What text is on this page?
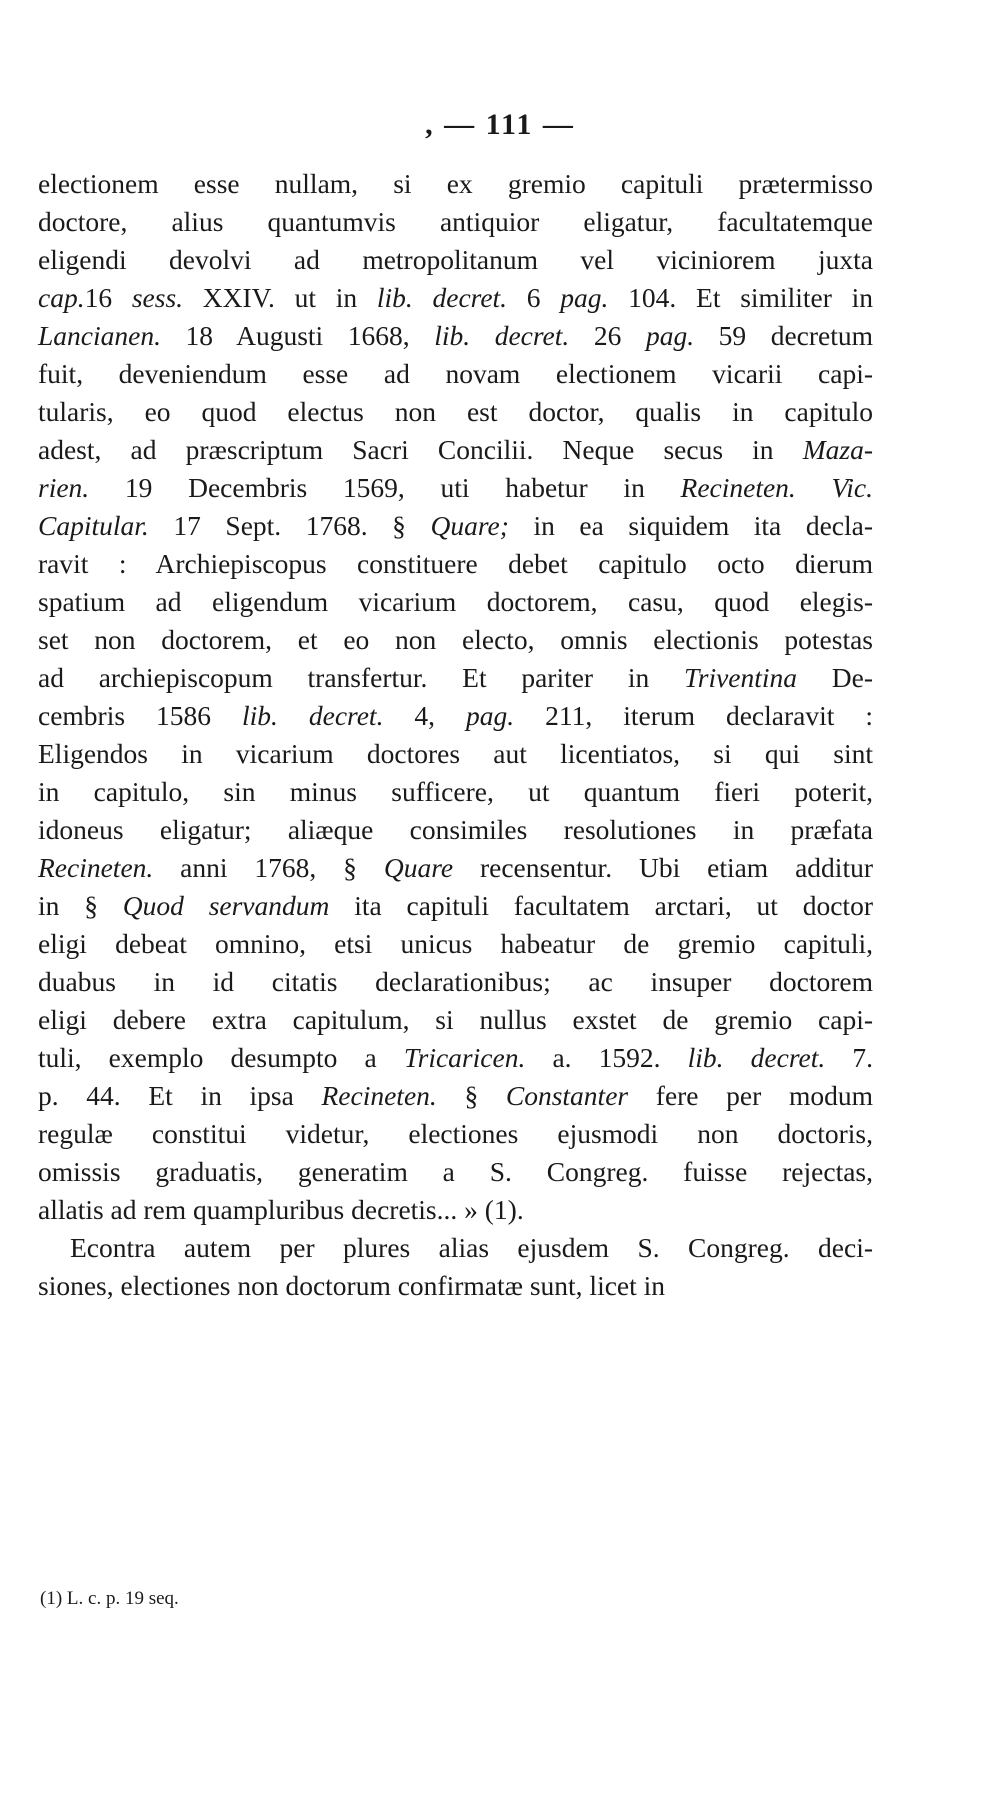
, — 111 —
electionem esse nullam, si ex gremio capituli prætermisso
doctore, alius quantumvis antiquior eligatur, facultatemque
eligendi devolvi ad metropolitanum vel viciniorem juxta
cap.16 sess. XXIV. ut in lib. decret. 6 pag. 104. Et similiter in
Lancianen. 18 Augusti 1668, lib. decret. 26 pag. 59 decretum
fuit, deveniendum esse ad novam electionem vicarii capi-
tularis, eo quod electus non est doctor, qualis in capitulo
adest, ad præscriptum Sacri Concilii. Neque secus in Maza-
rien. 19 Decembris 1569, uti habetur in Recineten. Vic.
Capitular. 17 Sept. 1768. § Quare; in ea siquidem ita decla-
ravit : Archiepiscopus constituere debet capitulo octo dierum
spatium ad eligendum vicarium doctorem, casu, quod elegis-
set non doctorem, et eo non electo, omnis electionis potestas
ad archiepiscopum transfertur. Et pariter in Triventina De-
cembris 1586 lib. decret. 4, pag. 211, iterum declaravit :
Eligendos in vicarium doctores aut licentiatos, si qui sint
in capitulo, sin minus sufficere, ut quantum fieri poterit,
idoneus eligatur; aliæque consimiles resolutiones in præfata
Recineten. anni 1768, § Quare recensentur. Ubi etiam additur
in § Quod servandum ita capituli facultatem arctari, ut doctor
eligi debeat omnino, etsi unicus habeatur de gremio capituli,
duabus in id citatis declarationibus; ac insuper doctorem
eligi debere extra capitulum, si nullus exstet de gremio capi-
tuli, exemplo desumpto a Tricaricen. a. 1592. lib. decret. 7.
p. 44. Et in ipsa Recineten. § Constanter fere per modum
regulæ constitui videtur, electiones ejusmodi non doctoris,
omissis graduatis, generatim a S. Congreg. fuisse rejectas,
allatis ad rem quampluribus decretis... » (1).
Econtra autem per plures alias ejusdem S. Congreg. deci-
siones, electiones non doctorum confirmatæ sunt, licet in
(1) L. c. p. 19 seq.
